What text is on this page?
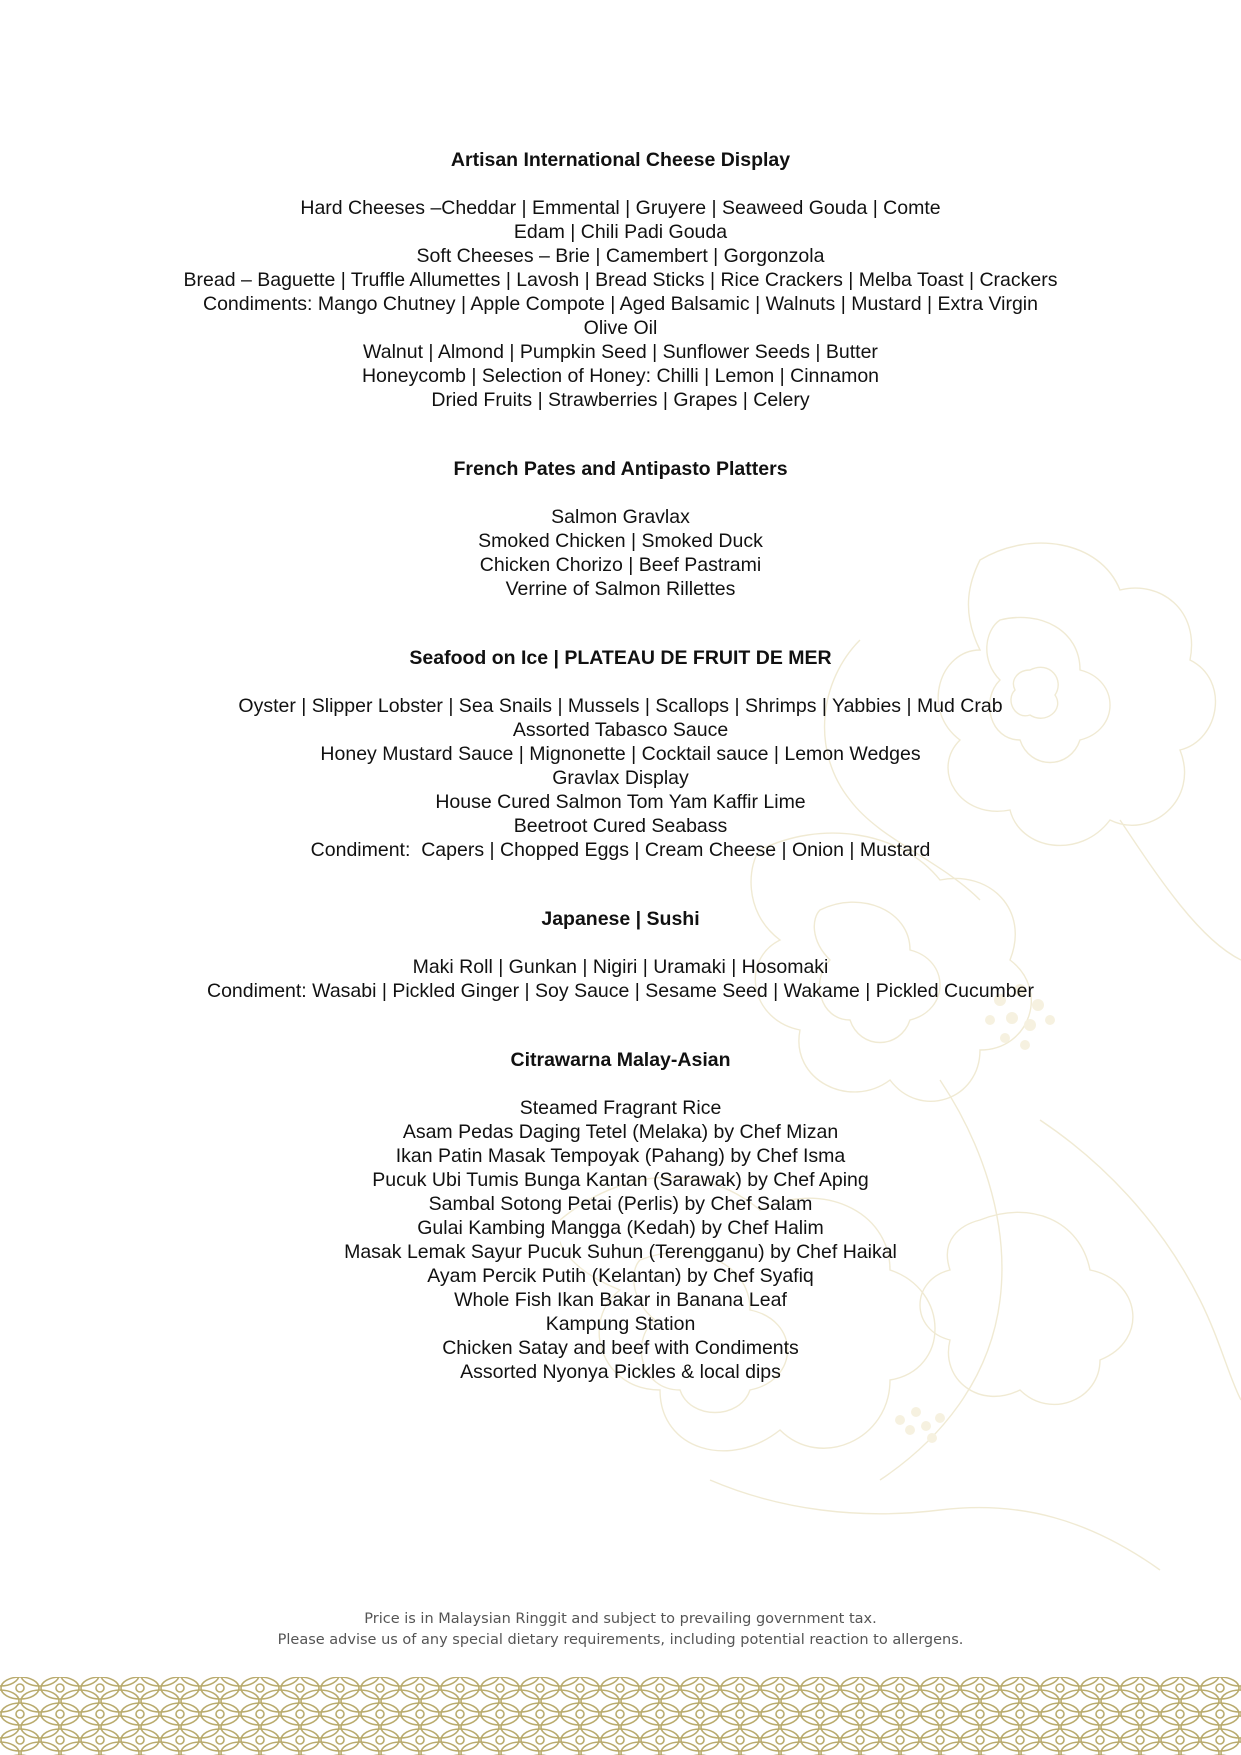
Artisan International Cheese Display
Hard Cheeses –Cheddar | Emmental | Gruyere | Seaweed Gouda | Comte
Edam | Chili Padi Gouda
Soft Cheeses – Brie | Camembert | Gorgonzola
Bread – Baguette | Truffle Allumettes | Lavosh | Bread Sticks | Rice Crackers | Melba Toast | Crackers
Condiments: Mango Chutney | Apple Compote | Aged Balsamic | Walnuts | Mustard | Extra Virgin
Olive Oil
Walnut | Almond | Pumpkin Seed | Sunflower Seeds | Butter
Honeycomb | Selection of Honey: Chilli | Lemon | Cinnamon
Dried Fruits | Strawberries | Grapes | Celery
French Pates and Antipasto Platters
Salmon Gravlax
Smoked Chicken | Smoked Duck
Chicken Chorizo | Beef Pastrami
Verrine of Salmon Rillettes
Seafood on Ice | PLATEAU DE FRUIT DE MER
Oyster | Slipper Lobster | Sea Snails | Mussels | Scallops | Shrimps | Yabbies | Mud Crab
Assorted Tabasco Sauce
Honey Mustard Sauce | Mignonette | Cocktail sauce | Lemon Wedges
Gravlax Display
House Cured Salmon Tom Yam Kaffir Lime
Beetroot Cured Seabass
Condiment:  Capers | Chopped Eggs | Cream Cheese | Onion | Mustard
Japanese | Sushi
Maki Roll | Gunkan | Nigiri | Uramaki | Hosomaki
Condiment: Wasabi | Pickled Ginger | Soy Sauce | Sesame Seed | Wakame | Pickled Cucumber
Citrawarna Malay-Asian
Steamed Fragrant Rice
Asam Pedas Daging Tetel (Melaka) by Chef Mizan
Ikan Patin Masak Tempoyak (Pahang) by Chef Isma
Pucuk Ubi Tumis Bunga Kantan (Sarawak) by Chef Aping
Sambal Sotong Petai (Perlis) by Chef Salam
Gulai Kambing Mangga (Kedah) by Chef Halim
Masak Lemak Sayur Pucuk Suhun (Terengganu) by Chef Haikal
Ayam Percik Putih (Kelantan) by Chef Syafiq
Whole Fish Ikan Bakar in Banana Leaf
Kampung Station
Chicken Satay and beef with Condiments
Assorted Nyonya Pickles & local dips
Price is in Malaysian Ringgit and subject to prevailing government tax.
Please advise us of any special dietary requirements, including potential reaction to allergens.
